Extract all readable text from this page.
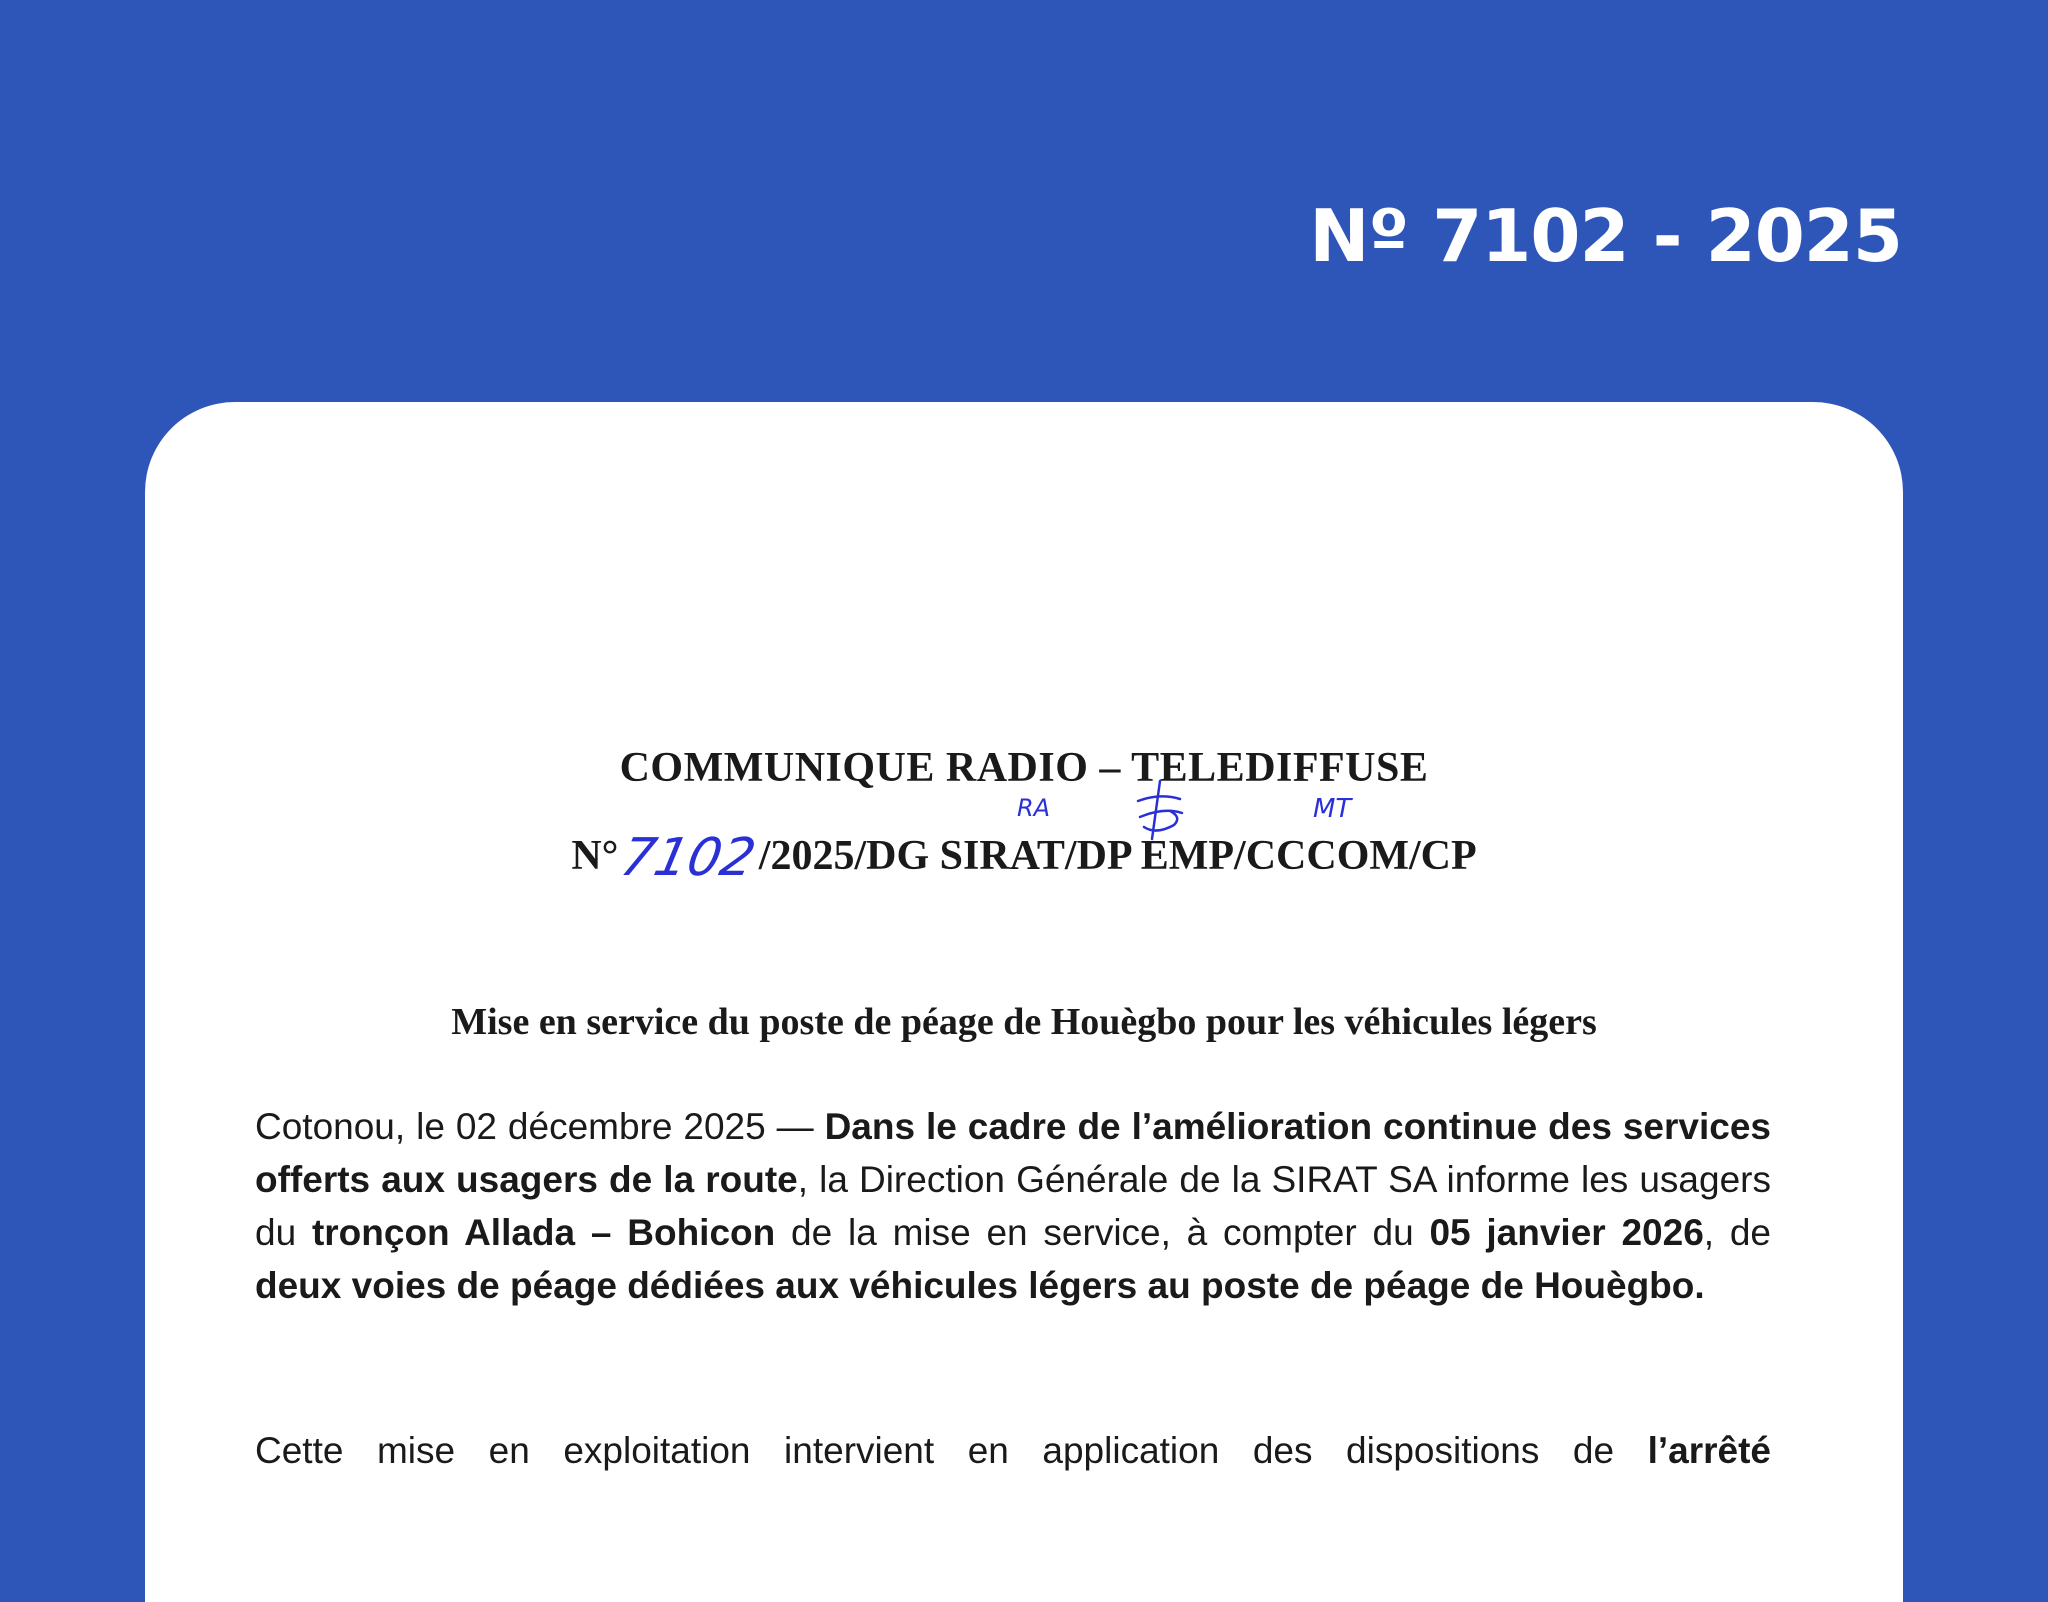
Nº 7102 - 2025
COMMUNIQUE RADIO – TELEDIFFUSE
N°7102/2025/DG SIRAT/DP EMP/CCCOM/CP
RA	MT
Mise en service du poste de péage de Houègbo pour les véhicules légers
Cotonou, le 02 décembre 2025 — Dans le cadre de l’amélioration continue des services offerts aux usagers de la route, la Direction Générale de la SIRAT SA informe les usagers du tronçon Allada – Bohicon de la mise en service, à compter du 05 janvier 2026, de deux voies de péage dédiées aux véhicules légers au poste de péage de Houègbo.
Cette mise en exploitation intervient en application des dispositions de l’arrêté
